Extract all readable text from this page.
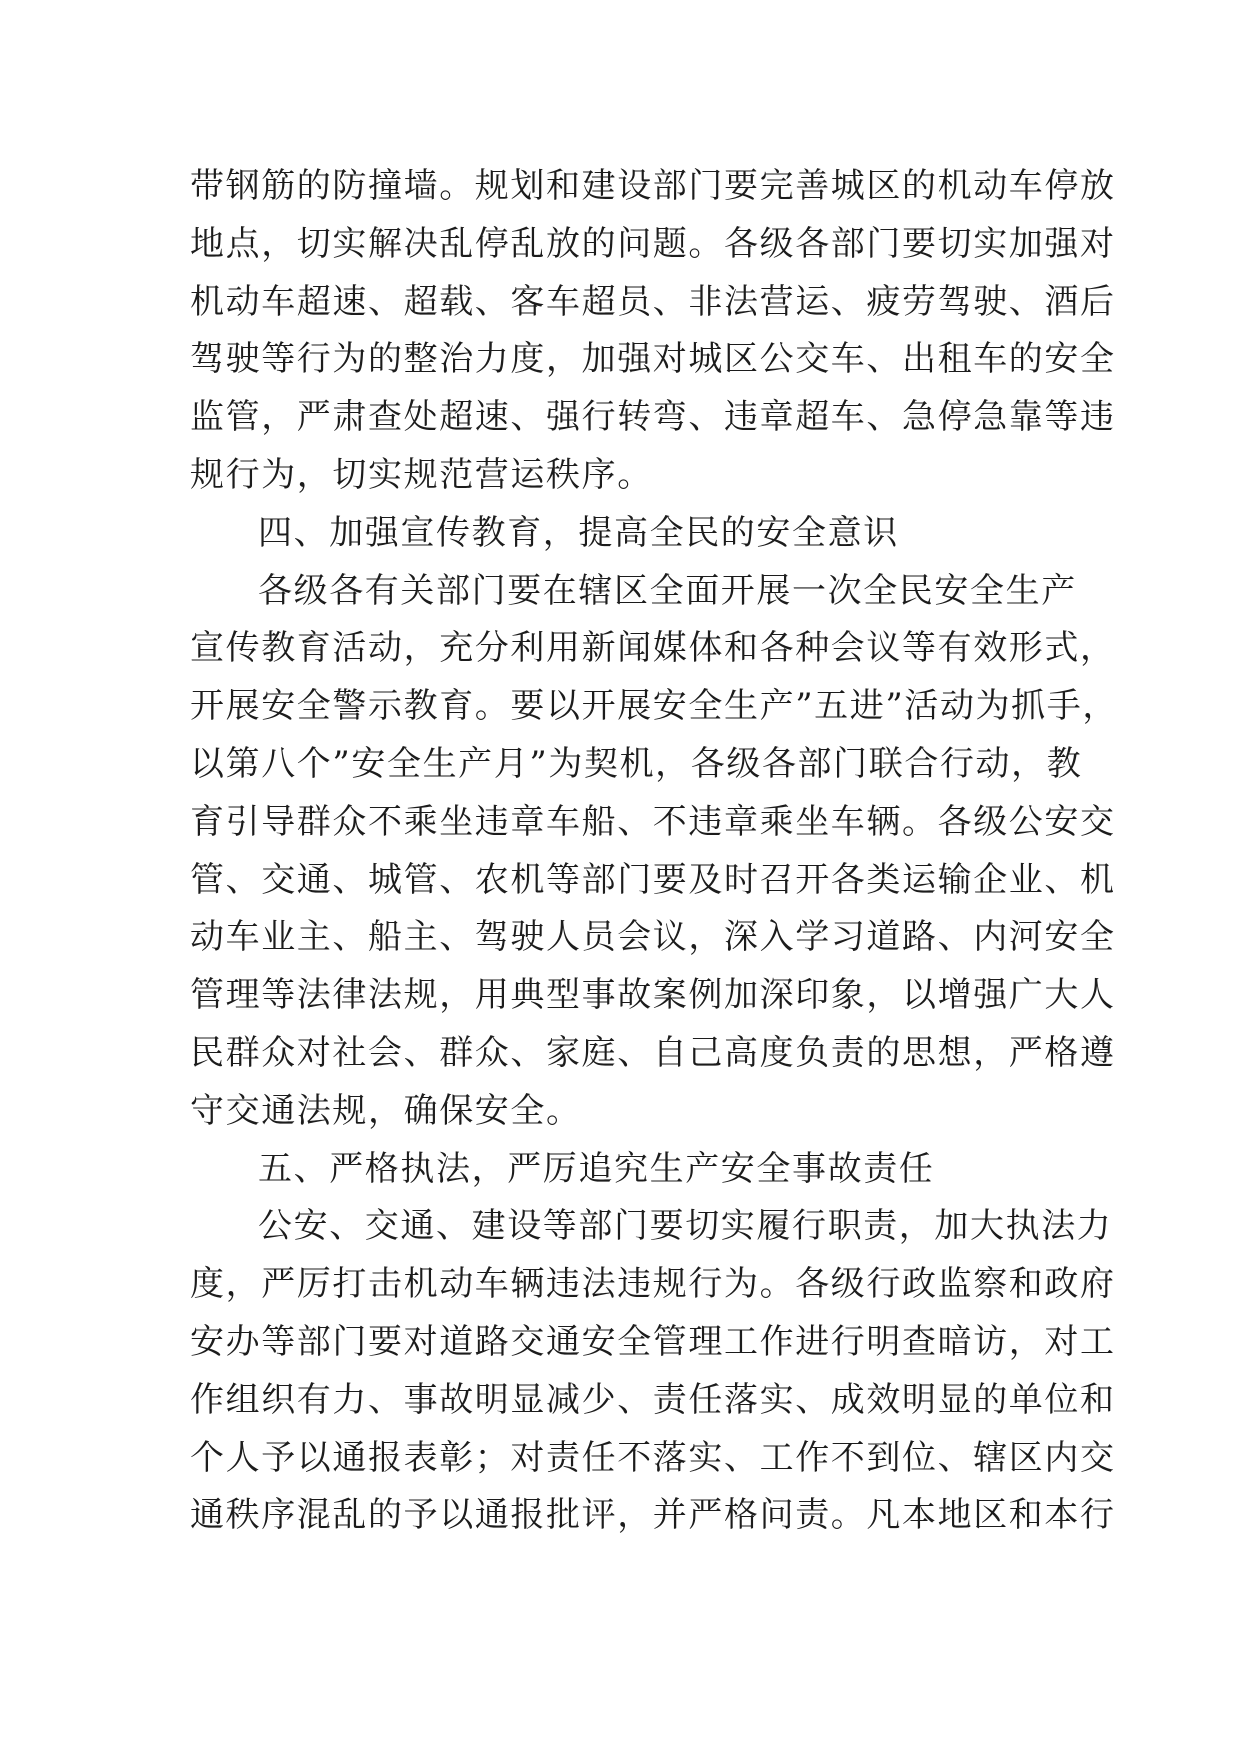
带钢筋的防撞墙。规划和建设部门要完善城区的机动车停放
地点，切实解决乱停乱放的问题。各级各部门要切实加强对
机动车超速、超载、客车超员、非法营运、疲劳驾驶、酒后
驾驶等行为的整治力度，加强对城区公交车、出租车的安全
监管，严肃查处超速、强行转弯、违章超车、急停急靠等违
规行为，切实规范营运秩序。
四、加强宣传教育，提高全民的安全意识
各级各有关部门要在辖区全面开展一次全民安全生产
宣传教育活动，充分利用新闻媒体和各种会议等有效形式，
开展安全警示教育。要以开展安全生产”五进”活动为抓手，
以第八个”安全生产月”为契机，各级各部门联合行动，教
育引导群众不乘坐违章车船、不违章乘坐车辆。各级公安交
管、交通、城管、农机等部门要及时召开各类运输企业、机
动车业主、船主、驾驶人员会议，深入学习道路、内河安全
管理等法律法规，用典型事故案例加深印象，以增强广大人
民群众对社会、群众、家庭、自己高度负责的思想，严格遵
守交通法规，确保安全。
五、严格执法，严厉追究生产安全事故责任
公安、交通、建设等部门要切实履行职责，加大执法力
度，严厉打击机动车辆违法违规行为。各级行政监察和政府
安办等部门要对道路交通安全管理工作进行明查暗访，对工
作组织有力、事故明显减少、责任落实、成效明显的单位和
个人予以通报表彰；对责任不落实、工作不到位、辖区内交
通秩序混乱的予以通报批评，并严格问责。凡本地区和本行
